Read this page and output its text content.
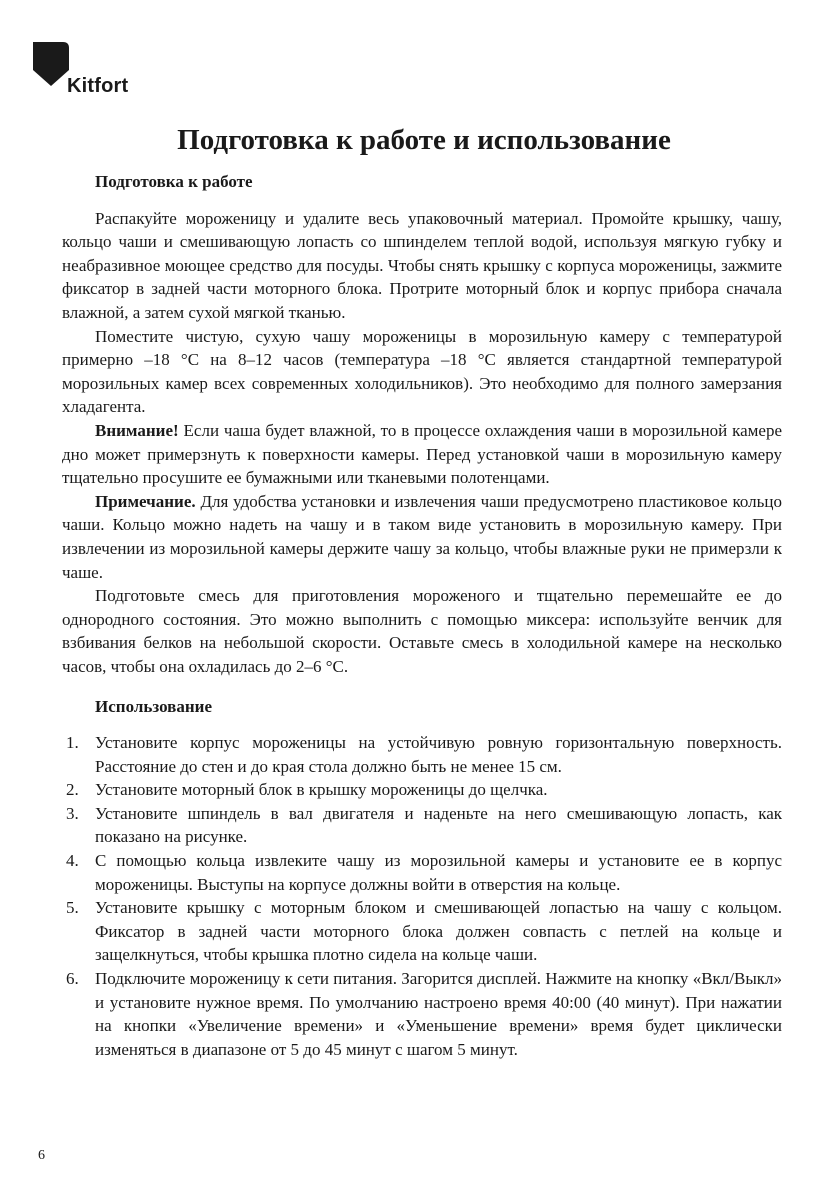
Kitfort
Подготовка к работе и использование
Подготовка к работе

Распакуйте мороженицу и удалите весь упаковочный материал. Промойте крышку, чашу, кольцо чаши и смешивающую лопасть со шпинделем теплой водой, используя мягкую губку и неабразивное моющее средство для посуды. Чтобы снять крышку с корпуса мороженицы, зажмите фиксатор в задней части моторного блока. Протрите моторный блок и корпус прибора сначала влажной, а затем сухой мягкой тканью.

Поместите чистую, сухую чашу мороженицы в морозильную камеру с температурой примерно –18 °С на 8–12 часов (температура –18 °С является стандартной температурой морозильных камер всех современных холодильников). Это необходимо для полного замерзания хладагента.

Внимание! Если чаша будет влажной, то в процессе охлаждения чаши в морозильной камере дно может примерзнуть к поверхности камеры. Перед установкой чаши в морозильную камеру тщательно просушите ее бумажными или тканевыми полотенцами.

Примечание. Для удобства установки и извлечения чаши предусмотрено пластиковое кольцо чаши. Кольцо можно надеть на чашу и в таком виде установить в морозильную камеру. При извлечении из морозильной камеры держите чашу за кольцо, чтобы влажные руки не примерзли к чаше.

Подготовьте смесь для приготовления мороженого и тщательно перемешайте ее до однородного состояния. Это можно выполнить с помощью миксера: используйте венчик для взбивания белков на небольшой скорости. Оставьте смесь в холодильной камере на несколько часов, чтобы она охладилась до 2–6 °С.

Использование
1. Установите корпус мороженицы на устойчивую ровную горизонтальную поверхность. Расстояние до стен и до края стола должно быть не менее 15 см.
2. Установите моторный блок в крышку мороженицы до щелчка.
3. Установите шпиндель в вал двигателя и наденьте на него смешивающую лопасть, как показано на рисунке.
4. С помощью кольца извлеките чашу из морозильной камеры и установите ее в корпус мороженицы. Выступы на корпусе должны войти в отверстия на кольце.
5. Установите крышку с моторным блоком и смешивающей лопастью на чашу с кольцом. Фиксатор в задней части моторного блока должен совпасть с петлей на кольце и защелкнуться, чтобы крышка плотно сидела на кольце чаши.
6. Подключите мороженицу к сети питания. Загорится дисплей. Нажмите на кнопку «Вкл/Выкл» и установите нужное время. По умолчанию настроено время 40:00 (40 минут). При нажатии на кнопки «Увеличение времени» и «Уменьшение времени» время будет циклически изменяться в диапазоне от 5 до 45 минут с шагом 5 минут.
6
